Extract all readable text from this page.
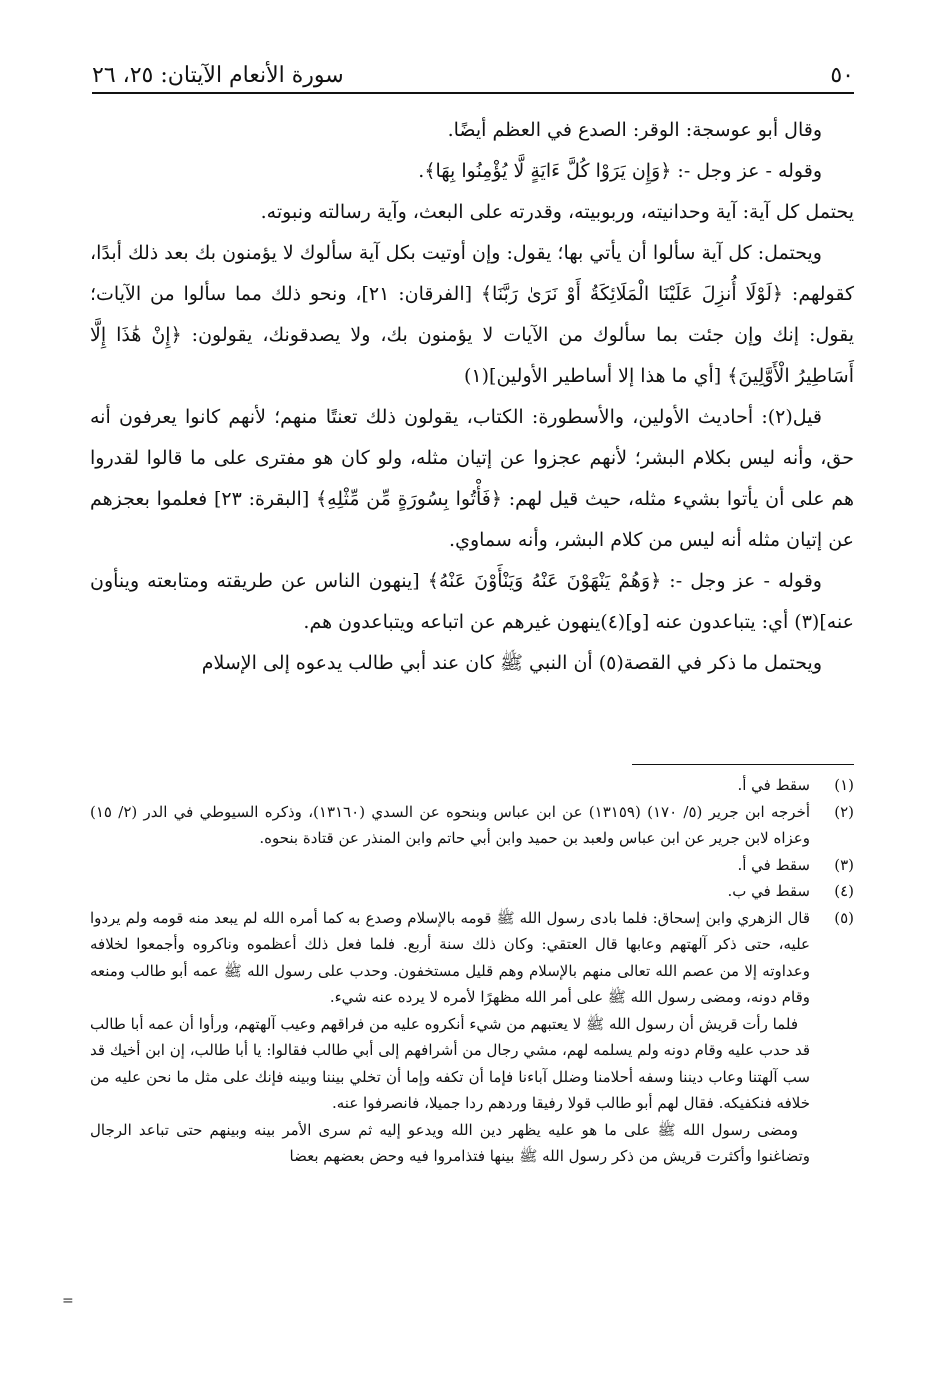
٥٠
سورة الأنعام الآيتان: ٢٥، ٢٦

وقال أبو عوسجة: الوقر: الصدع في العظم أيضًا.

وقوله - عز وجل -: ﴿وَإِن يَرَوْا كُلَّ ءَايَةٍ لَّا يُؤْمِنُوا بِهَا﴾.

يحتمل كل آية: آية وحدانيته، وربوبيته، وقدرته على البعث، وآية رسالته ونبوته.

ويحتمل: كل آية سألوا أن يأتي بها؛ يقول: وإن أوتيت بكل آية سألوك لا يؤمنون بك بعد ذلك أبدًا، كقولهم: ﴿لَوْلَا أُنزِلَ عَلَيْنَا الْمَلَائِكَةُ أَوْ نَرَىٰ رَبَّنَا﴾ [الفرقان: ٢١]، ونحو ذلك مما سألوا من الآيات؛ يقول: إنك وإن جئت بما سألوك من الآيات لا يؤمنون بك، ولا يصدقونك، يقولون: ﴿إِنْ هَٰذَا إِلَّا أَسَاطِيرُ الْأَوَّلِينَ﴾ [أي ما هذا إلا أساطير الأولين](١)

قيل(٢): أحاديث الأولين، والأسطورة: الكتاب، يقولون ذلك تعنتًا منهم؛ لأنهم كانوا يعرفون أنه حق، وأنه ليس بكلام البشر؛ لأنهم عجزوا عن إتيان مثله، ولو كان هو مفترى على ما قالوا لقدروا هم على أن يأتوا بشيء مثله، حيث قيل لهم: ﴿فَأْتُوا بِسُورَةٍ مِّن مِّثْلِهِ﴾ [البقرة: ٢٣] فعلموا بعجزهم عن إتيان مثله أنه ليس من كلام البشر، وأنه سماوي.

وقوله - عز وجل -: ﴿وَهُمْ يَنْهَوْنَ عَنْهُ وَيَنْأَوْنَ عَنْهُ﴾ [ينهون الناس عن طريقته ومتابعته وينأون عنه](٣) أي: يتباعدون عنه [و](٤)ينهون غيرهم عن اتباعه ويتباعدون هم.

ويحتمل ما ذكر في القصة(٥) أن النبي ﷺ كان عند أبي طالب يدعوه إلى الإسلام

(١)
سقط في أ.
(٢)
أخرجه ابن جرير (٥/ ١٧٠) (١٣١٥٩) عن ابن عباس وبنحوه عن السدي (١٣١٦٠)، وذكره السيوطي في الدر (٢/ ١٥) وعزاه لابن جرير عن ابن عباس ولعبد بن حميد وابن أبي حاتم وابن المنذر عن قتادة بنحوه.
(٣)
سقط في أ.
(٤)
سقط في ب.
(٥)
قال الزهري وابن إسحاق: فلما بادى رسول الله ﷺ قومه بالإسلام وصدع به كما أمره الله لم يبعد منه قومه ولم يردوا عليه، حتى ذكر آلهتهم وعابها قال العتقي: وكان ذلك سنة أربع. فلما فعل ذلك أعظموه وناكروه وأجمعوا لخلافه وعداوته إلا من عصم الله تعالى منهم بالإسلام وهم قليل مستخفون. وحدب على رسول الله ﷺ عمه أبو طالب ومنعه وقام دونه، ومضى رسول الله ﷺ على أمر الله مظهرًا لأمره لا يرده عنه شيء.

فلما رأت قريش أن رسول الله ﷺ لا يعتبهم من شيء أنكروه عليه من فراقهم وعيب آلهتهم، ورأوا أن عمه أبا طالب قد حدب عليه وقام دونه ولم يسلمه لهم، مشي رجال من أشرافهم إلى أبي طالب فقالوا: يا أبا طالب، إن ابن أخيك قد سب آلهتنا وعاب ديننا وسفه أحلامنا وضلل آباءنا فإما أن تكفه وإما أن تخلي بيننا وبينه فإنك على مثل ما نحن عليه من خلافه فنكفيكه. فقال لهم أبو طالب قولا رفيقا وردهم ردا جميلا، فانصرفوا عنه.

ومضى رسول الله ﷺ على ما هو عليه يظهر دين الله ويدعو إليه ثم سرى الأمر بينه وبينهم حتى تباعد الرجال وتضاغنوا وأكثرت قريش من ذكر رسول الله ﷺ بينها فتذامروا فيه وحض بعضهم بعضا

=
